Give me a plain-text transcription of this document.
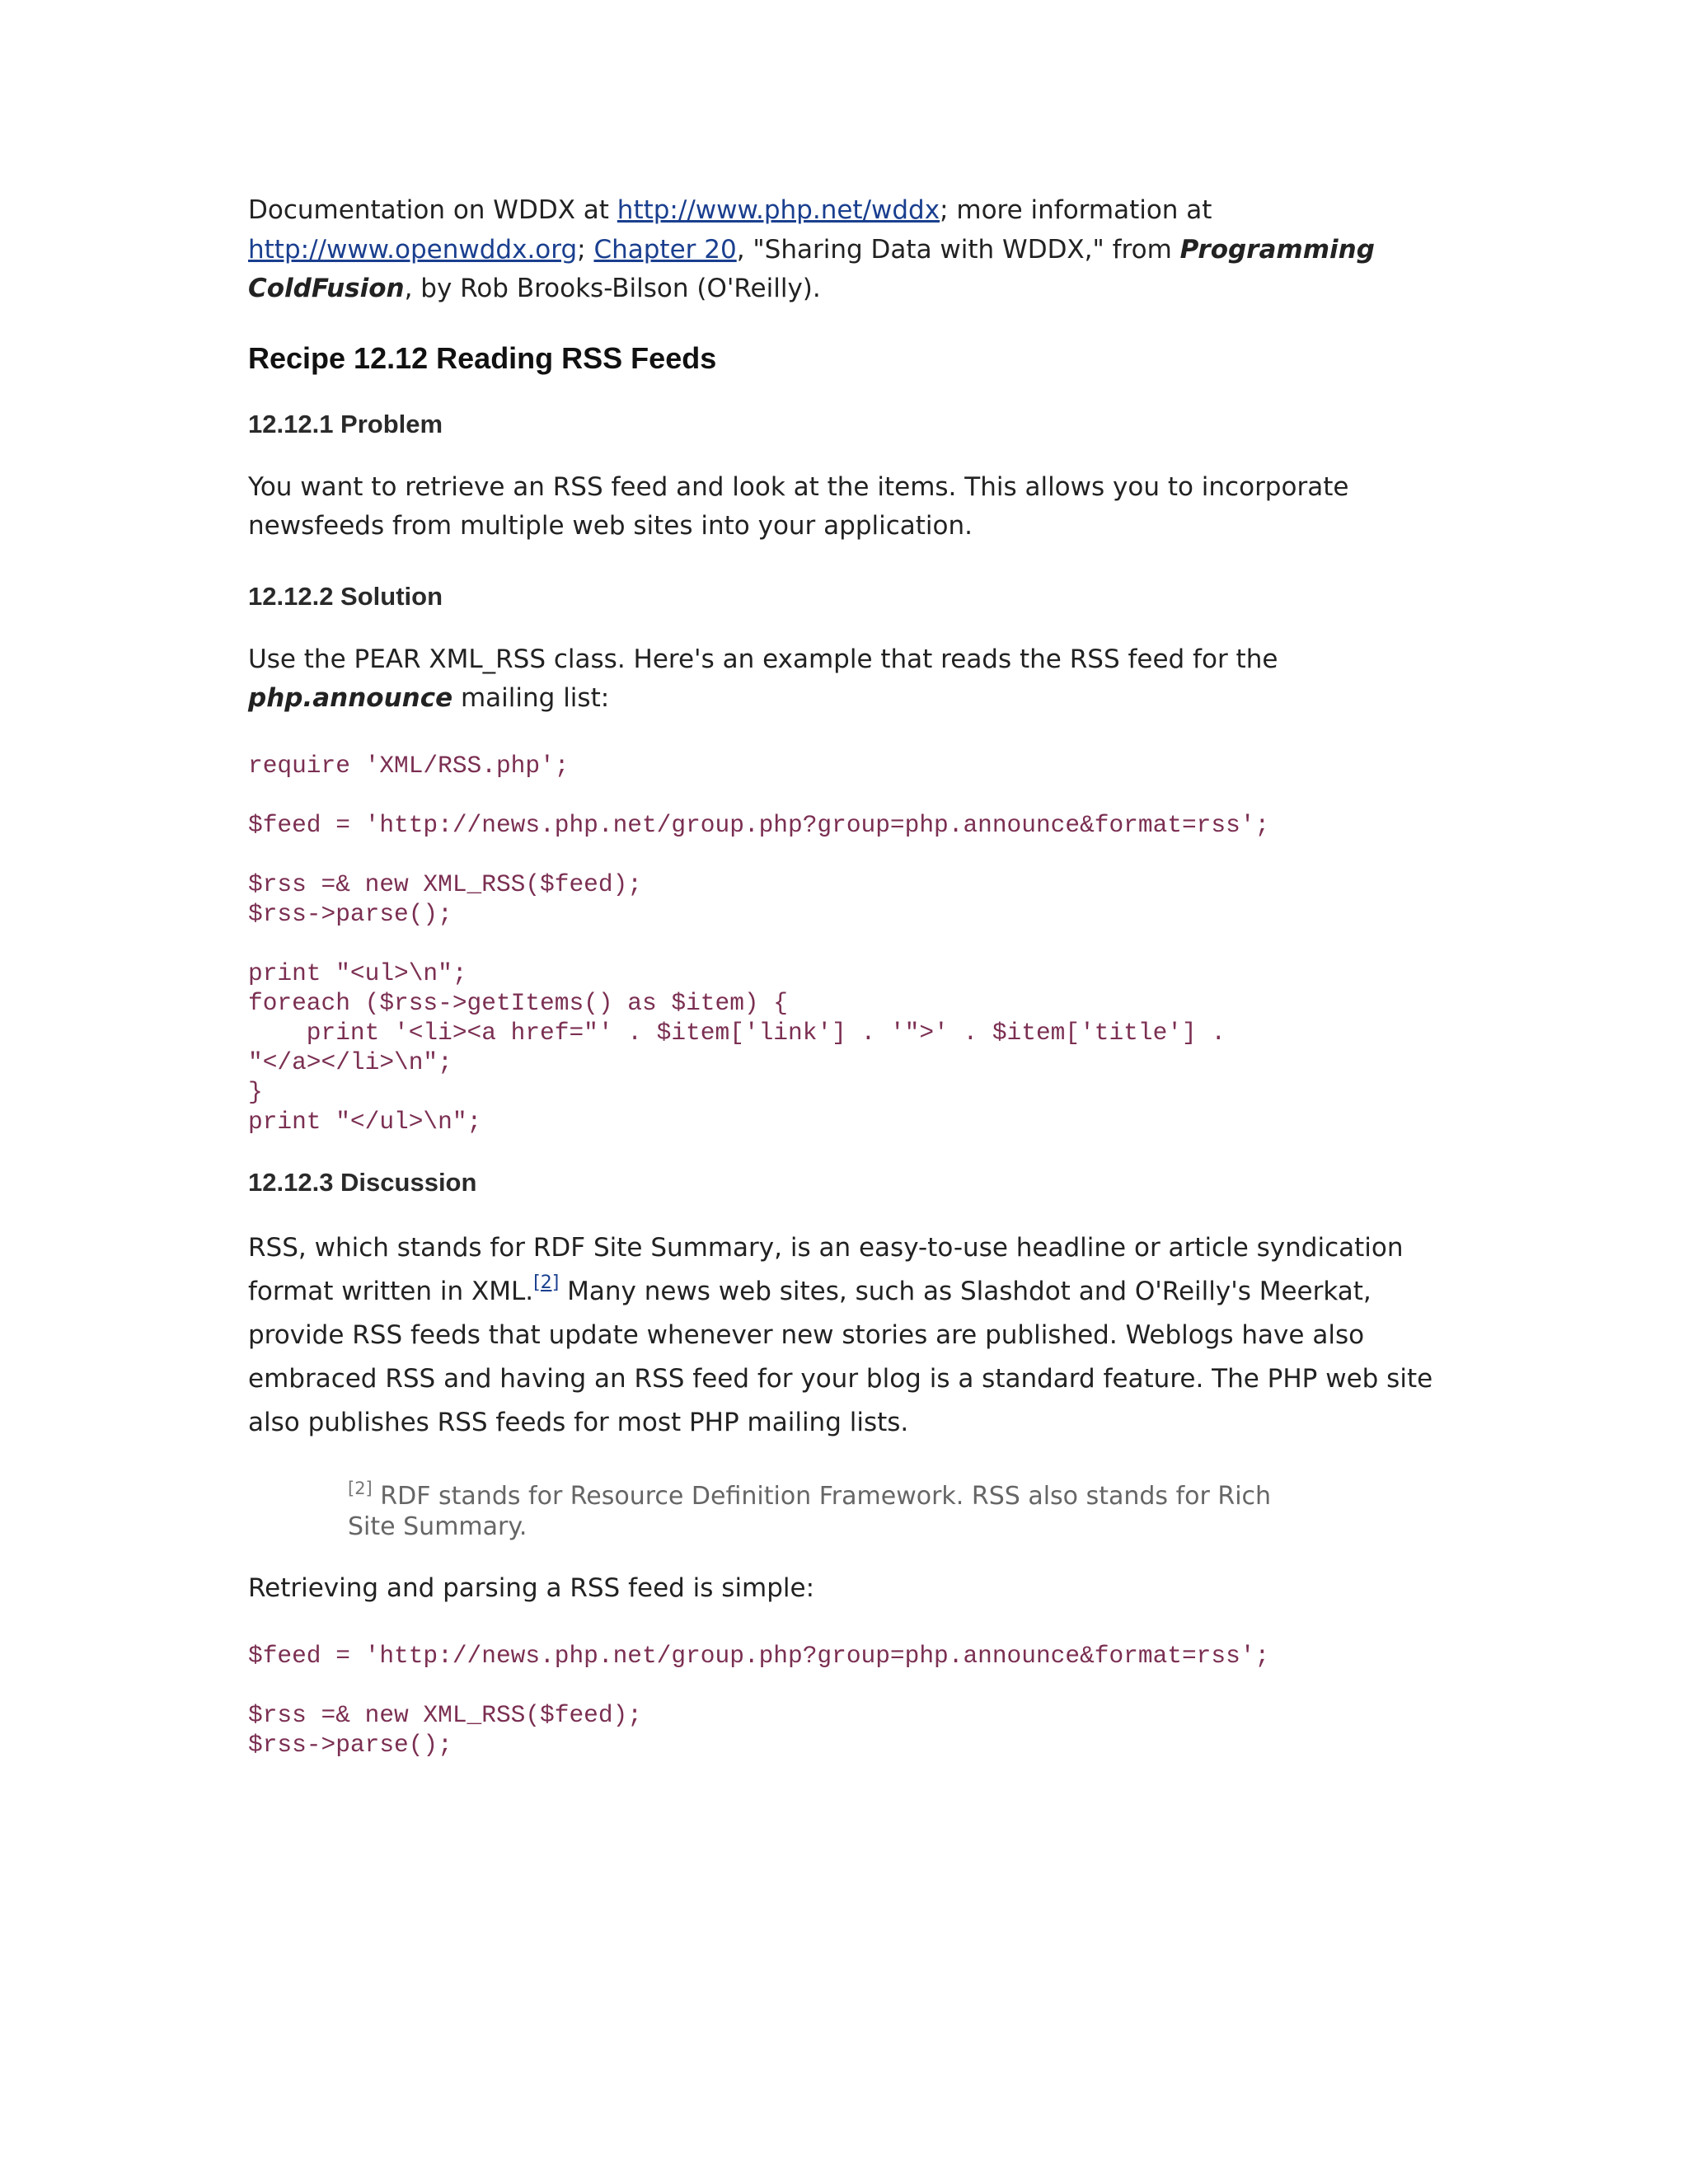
Documentation on WDDX at http://www.php.net/wddx; more information at http://www.openwddx.org; Chapter 20, "Sharing Data with WDDX," from Programming ColdFusion, by Rob Brooks-Bilson (O'Reilly).

Recipe 12.12 Reading RSS Feeds
12.12.1 Problem

You want to retrieve an RSS feed and look at the items. This allows you to incorporate newsfeeds from multiple web sites into your application.

12.12.2 Solution

Use the PEAR XML_RSS class. Here's an example that reads the RSS feed for the php.announce mailing list:

require 'XML/RSS.php';

$feed = 'http://news.php.net/group.php?group=php.announce&format=rss';

$rss =& new XML_RSS($feed);
$rss->parse();

print "<ul>\n";
foreach ($rss->getItems() as $item) {
print '<li><a href="' . $item['link'] . '">' . $item['title'] .
"</a></li>\n";
}
print "</ul>\n";
12.12.3 Discussion

RSS, which stands for RDF Site Summary, is an easy-to-use headline or article syndication format written in XML.[2] Many news web sites, such as Slashdot and O'Reilly's Meerkat, provide RSS feeds that update whenever new stories are published. Weblogs have also embraced RSS and having an RSS feed for your blog is a standard feature. The PHP web site also publishes RSS feeds for most PHP mailing lists.

[2] RDF stands for Resource Definition Framework. RSS also stands for Rich Site Summary.

Retrieving and parsing a RSS feed is simple:

$feed = 'http://news.php.net/group.php?group=php.announce&format=rss';

$rss =& new XML_RSS($feed);
$rss->parse();
